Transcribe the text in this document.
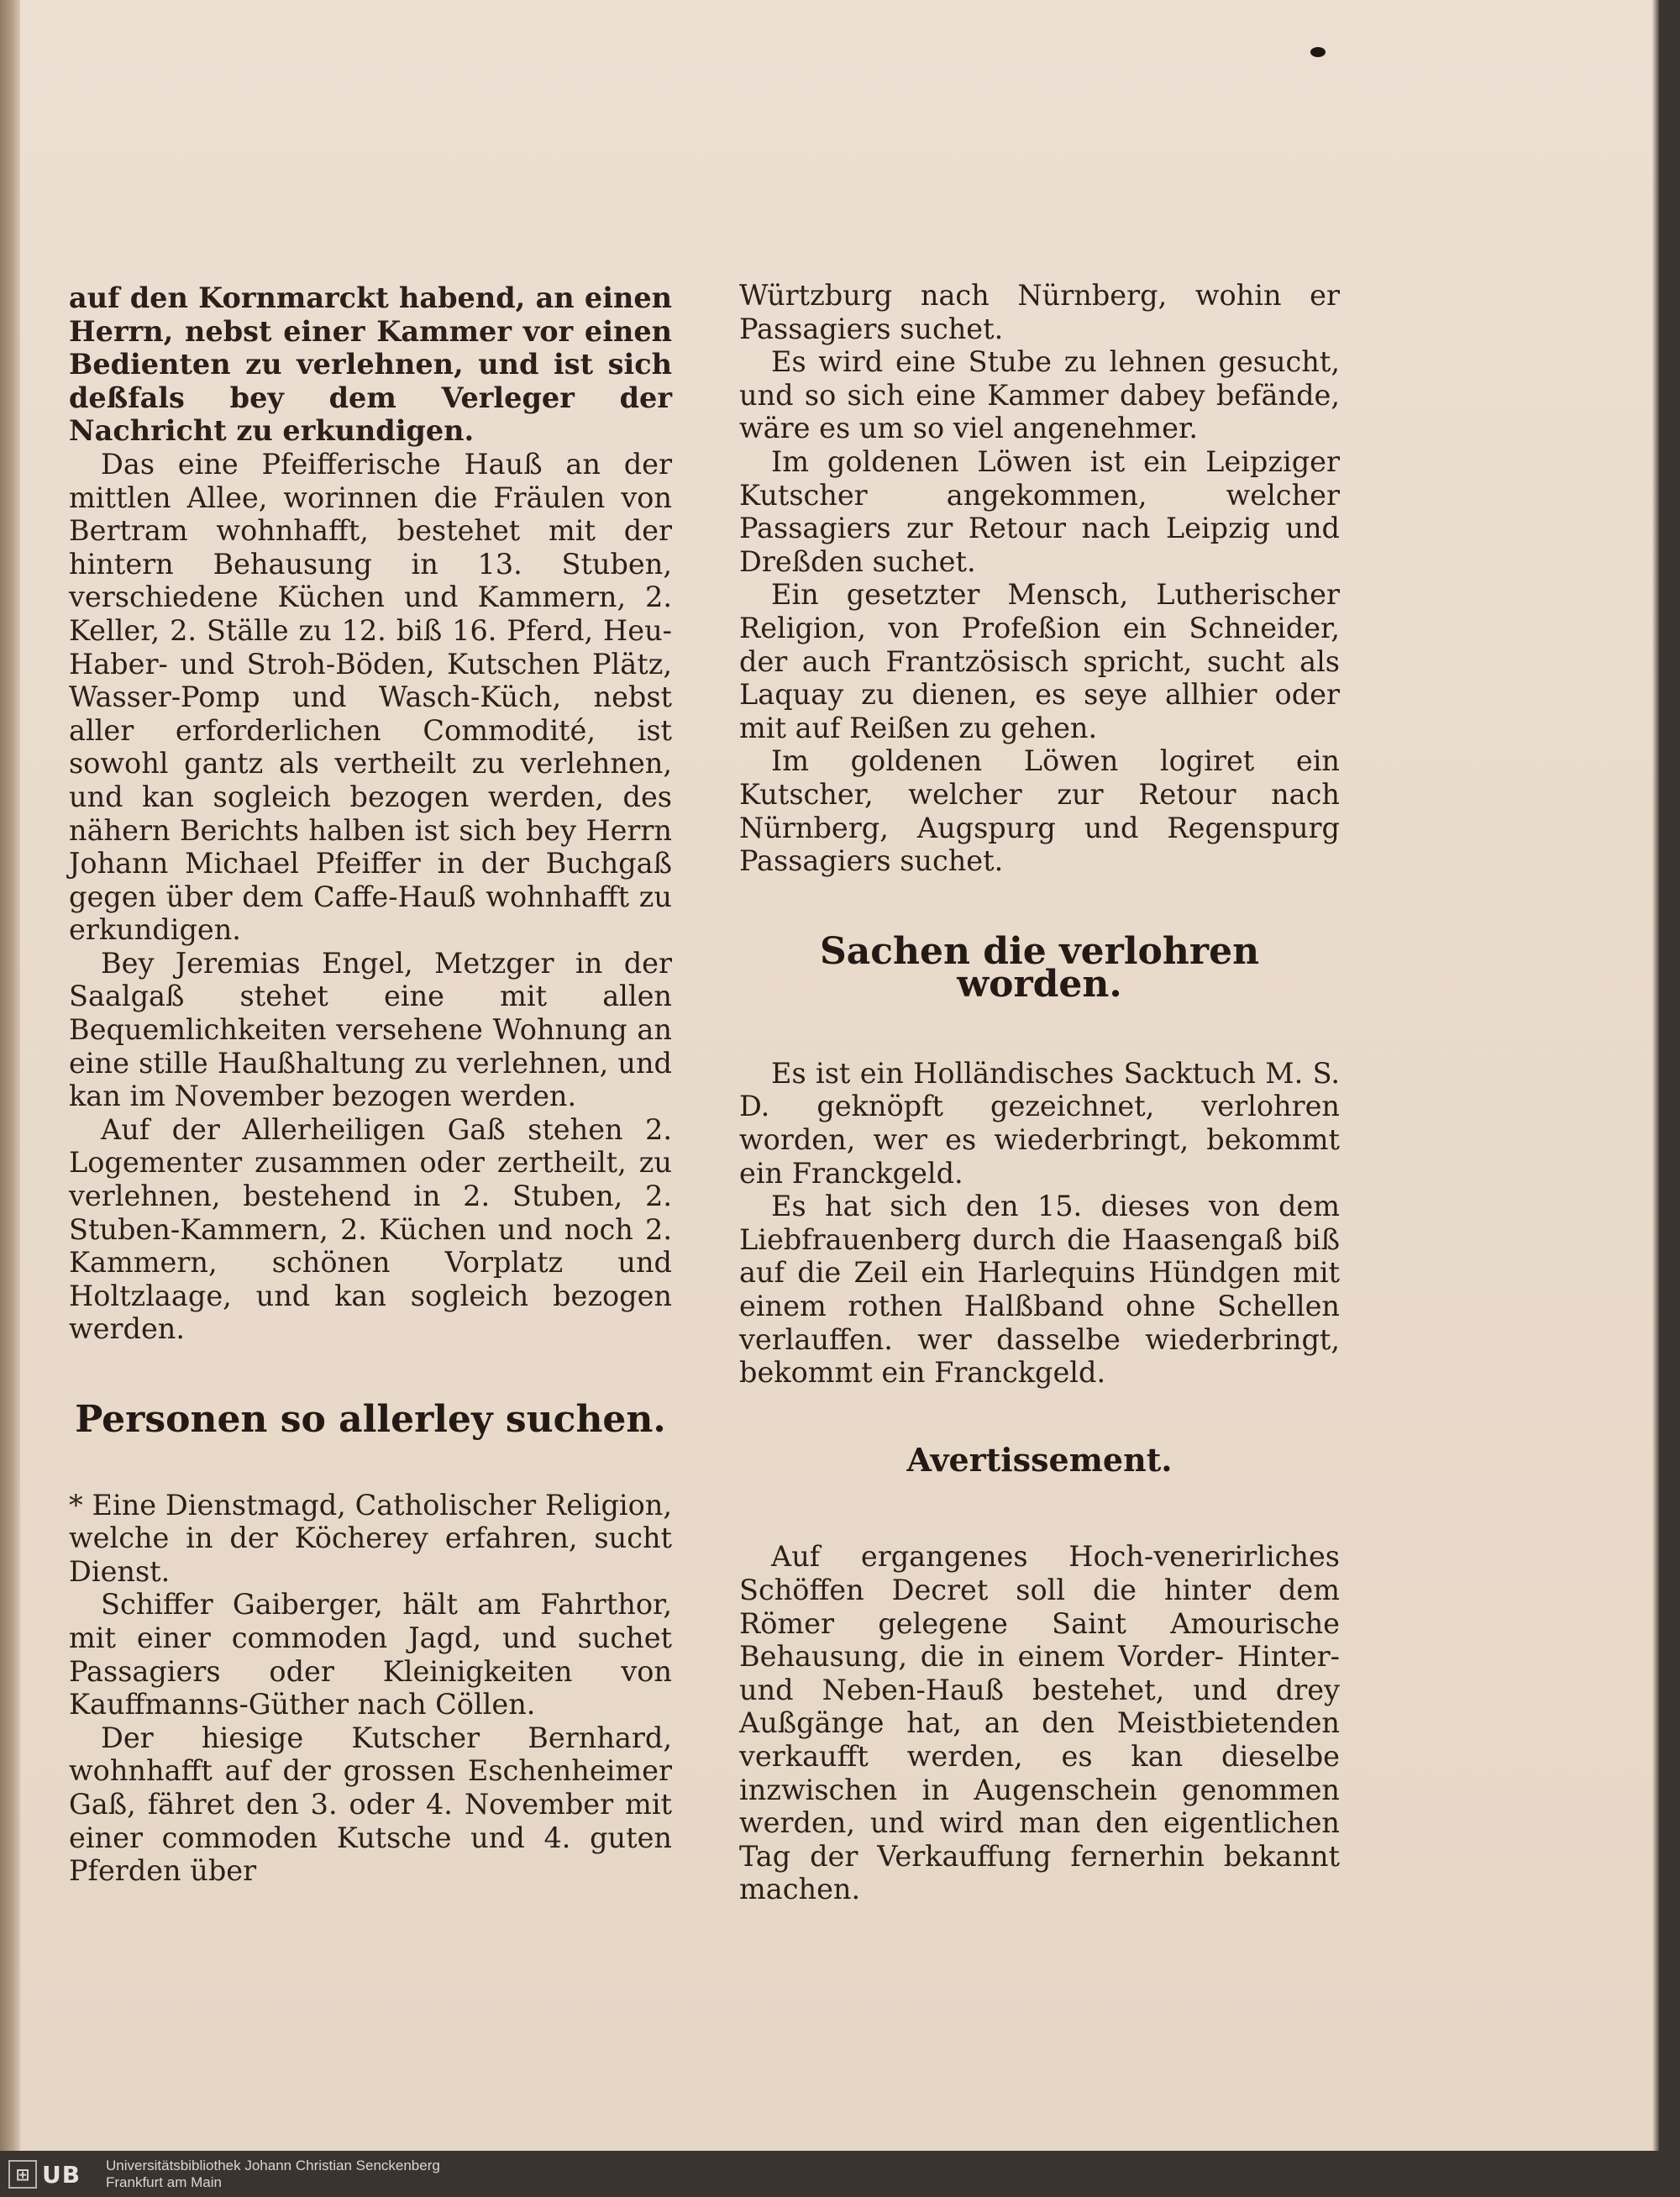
auf den Kornmarckt habend, an einen Herrn, nebst einer Kammer vor einen Bedienten zu verlehnen, und ist sich deßfals bey dem Verleger der Nachricht zu erkundigen.

Das eine Pfeifferische Hauß an der mittlen Allee, worinnen die Fräulen von Bertram wohnhafft, bestehet mit der hintern Behausung in 13. Stuben, verschiedene Küchen und Kammern, 2. Keller, 2. Ställe zu 12. biß 16. Pferd, Heu- Haber- und Stroh-Böden, Kutschen Plätz, Wasser-Pomp und Wasch-Küch, nebst aller erforderlichen Commodité, ist sowohl gantz als vertheilt zu verlehnen, und kan sogleich bezogen werden, des nähern Berichts halben ist sich bey Herrn Johann Michael Pfeiffer in der Buchgaß gegen über dem Caffe-Hauß wohnhafft zu erkundigen.

Bey Jeremias Engel, Metzger in der Saalgaß stehet eine mit allen Bequemlichkeiten versehene Wohnung an eine stille Haußhaltung zu verlehnen, und kan im November bezogen werden.

Auf der Allerheiligen Gaß stehen 2. Logementer zusammen oder zertheilt, zu verlehnen, bestehend in 2. Stuben, 2. Stuben-Kammern, 2. Küchen und noch 2. Kammern, schönen Vorplatz und Holtzlaage, und kan sogleich bezogen werden.

Personen so allerley suchen.

* Eine Dienstmagd, Catholischer Religion, welche in der Köcherey erfahren, sucht Dienst.

Schiffer Gaiberger, hält am Fahrthor, mit einer commoden Jagd, und suchet Passagiers oder Kleinigkeiten von Kauffmanns-Güther nach Cöllen.

Der hiesige Kutscher Bernhard, wohnhafft auf der grossen Eschenheimer Gaß, fähret den 3. oder 4. November mit einer commoden Kutsche und 4. guten Pferden über

Würtzburg nach Nürnberg, wohin er Passagiers suchet.

Es wird eine Stube zu lehnen gesucht, und so sich eine Kammer dabey befände, wäre es um so viel angenehmer.

Im goldenen Löwen ist ein Leipziger Kutscher angekommen, welcher Passagiers zur Retour nach Leipzig und Dreßden suchet.

Ein gesetzter Mensch, Lutherischer Religion, von Profeßion ein Schneider, der auch Frantzösisch spricht, sucht als Laquay zu dienen, es seye allhier oder mit auf Reißen zu gehen.

Im goldenen Löwen logiret ein Kutscher, welcher zur Retour nach Nürnberg, Augspurg und Regenspurg Passagiers suchet.

Sachen die verlohren worden.

Es ist ein Holländisches Sacktuch M. S. D. geknöpft gezeichnet, verlohren worden, wer es wiederbringt, bekommt ein Franckgeld.

Es hat sich den 15. dieses von dem Liebfrauenberg durch die Haasengaß biß auf die Zeil ein Harlequins Hündgen mit einem rothen Halßband ohne Schellen verlauffen. wer dasselbe wiederbringt, bekommt ein Franckgeld.

Avertissement.

Auf ergangenes Hoch-venerirliches Schöffen Decret soll die hinter dem Römer gelegene Saint Amourische Behausung, die in einem Vorder- Hinter- und Neben-Hauß bestehet, und drey Außgänge hat, an den Meistbietenden verkaufft werden, es kan dieselbe inzwischen in Augenschein genommen werden, und wird man den eigentlichen Tag der Verkauffung fernerhin bekannt machen.

⊞ UB Universitätsbibliothek Johann Christian Senckenberg
Frankfurt am Main
